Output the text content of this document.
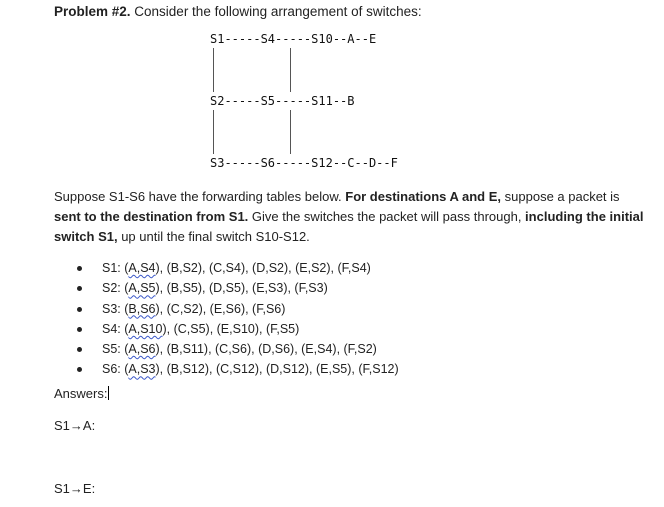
Problem #2. Consider the following arrangement of switches:
S1-----S4-----S10--A--E
S2-----S5-----S11--B
S3-----S6-----S12--C--D--F
Suppose S1-S6 have the forwarding tables below. For destinations A and E, suppose a packet is sent to the destination from S1. Give the switches the packet will pass through, including the initial switch S1, up until the final switch S10-S12.
S1: (A,S4), (B,S2), (C,S4), (D,S2), (E,S2), (F,S4)
S2: (A,S5), (B,S5), (D,S5), (E,S3), (F,S3)
S3: (B,S6), (C,S2), (E,S6), (F,S6)
S4: (A,S10), (C,S5), (E,S10), (F,S5)
S5: (A,S6), (B,S11), (C,S6), (D,S6), (E,S4), (F,S2)
S6: (A,S3), (B,S12), (C,S12), (D,S12), (E,S5), (F,S12)
Answers:
S1→A:
S1→E:
